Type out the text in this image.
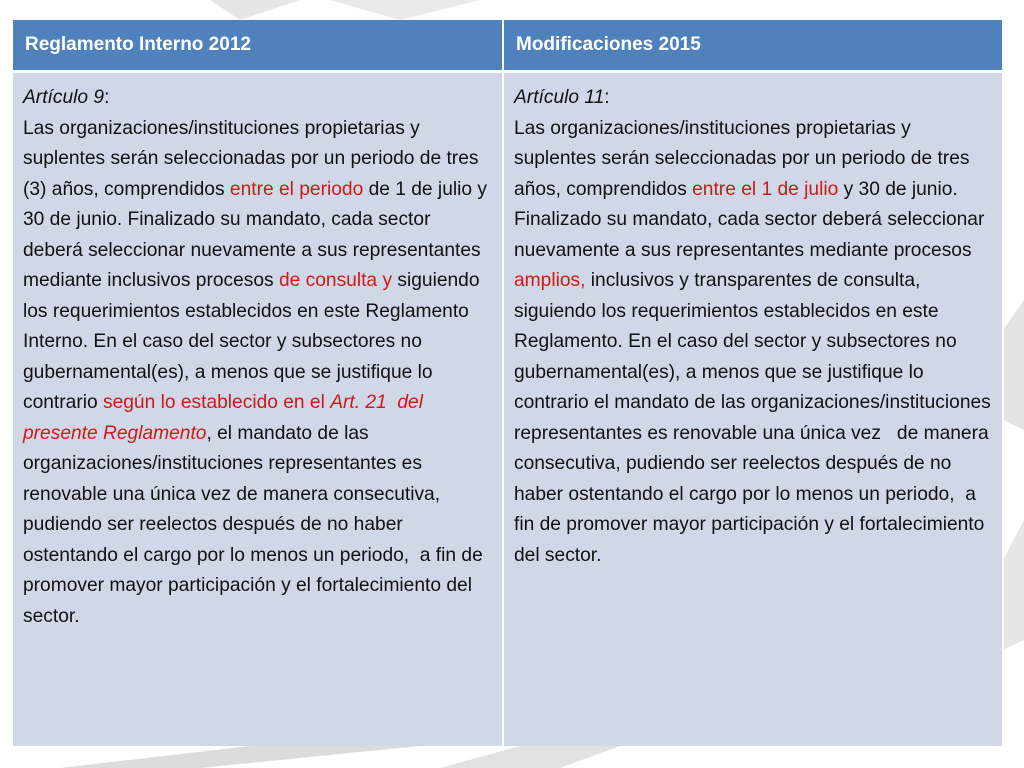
Reglamento Interno 2012	Modificaciones 2015
Artículo 9:
Las organizaciones/instituciones propietarias y suplentes serán seleccionadas por un periodo de tres (3) años, comprendidos entre el periodo de 1 de julio y 30 de junio. Finalizado su mandato, cada sector deberá seleccionar nuevamente a sus representantes mediante inclusivos procesos de consulta y siguiendo los requerimientos establecidos en este Reglamento Interno. En el caso del sector y subsectores no gubernamental(es), a menos que se justifique lo contrario según lo establecido en el Art. 21  del presente Reglamento, el mandato de las organizaciones/instituciones representantes es renovable una única vez de manera consecutiva, pudiendo ser reelectos después de no haber ostentando el cargo por lo menos un periodo,  a fin de promover mayor participación y el fortalecimiento del sector.
Artículo 11:
Las organizaciones/instituciones propietarias y suplentes serán seleccionadas por un periodo de tres  años, comprendidos entre el 1 de julio y 30 de junio. Finalizado su mandato, cada sector deberá seleccionar nuevamente a sus representantes mediante procesos amplios, inclusivos y transparentes de consulta,  siguiendo los requerimientos establecidos en este Reglamento. En el caso del sector y subsectores no gubernamental(es), a menos que se justifique lo contrario el mandato de las organizaciones/instituciones representantes es renovable una única vez   de manera consecutiva, pudiendo ser reelectos después de no haber ostentando el cargo por lo menos un periodo,  a fin de promover mayor participación y el fortalecimiento del sector.
